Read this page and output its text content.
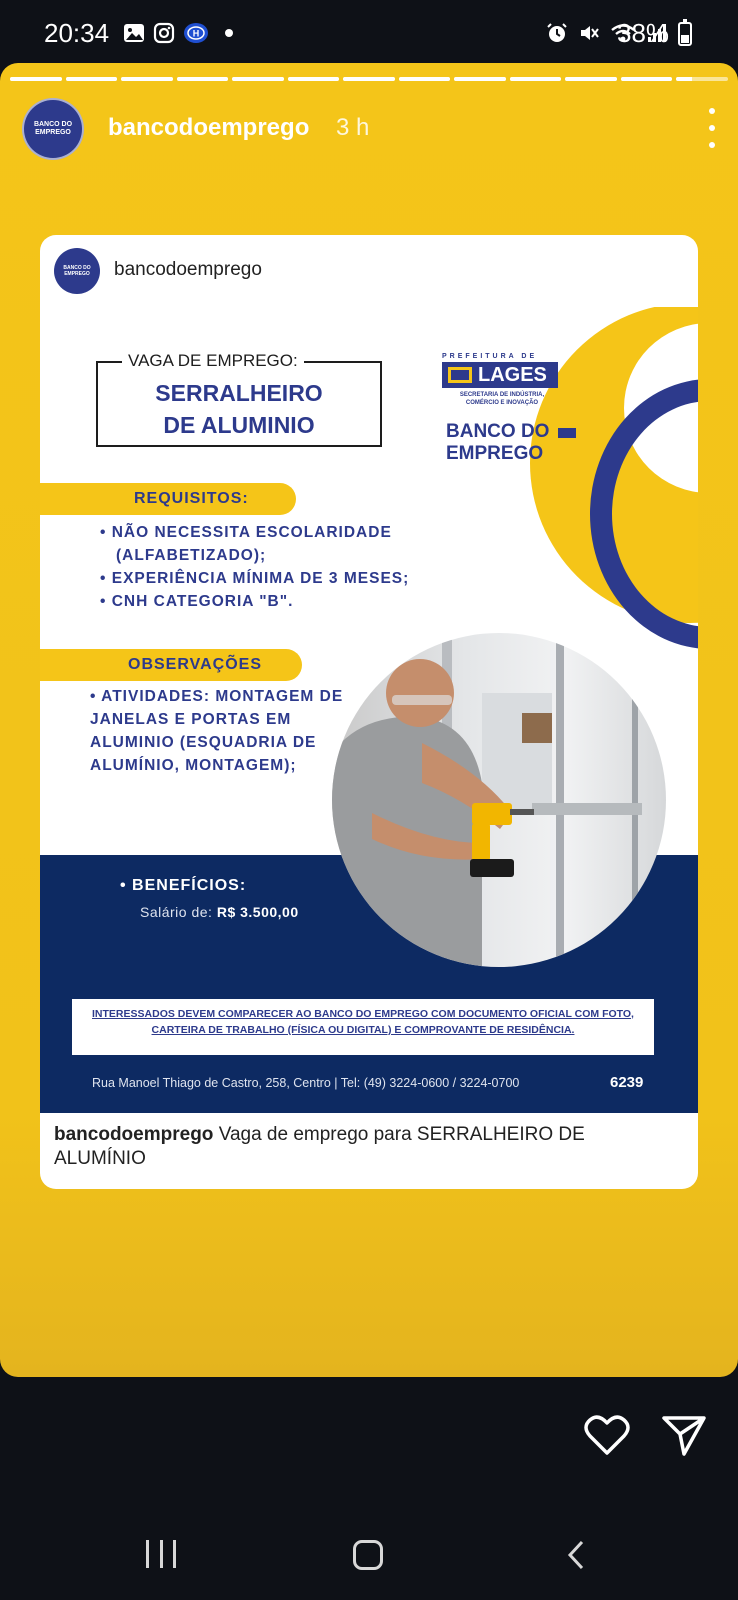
20:34	H	38%
BANCO DO
EMPREGO bancodoemprego 3 h
BANCO DO
EMPREGO bancodoemprego
VAGA DE EMPREGO:
SERRALHEIRO
DE ALUMINIO
PREFEITURA DE
LAGES
SECRETARIA DE INDÚSTRIA,
COMÉRCIO E INOVAÇÃO
BANCO DO
EMPREGO
REQUISITOS:
• NÃO NECESSITA ESCOLARIDADE (ALFABETIZADO);
• EXPERIÊNCIA MÍNIMA DE 3 MESES;
• CNH CATEGORIA "B".
OBSERVAÇÕES
• ATIVIDADES: MONTAGEM DE JANELAS E PORTAS EM ALUMINIO (ESQUADRIA DE ALUMÍNIO, MONTAGEM);
• BENEFÍCIOS:
Salário de: R$ 3.500,00
INTERESSADOS DEVEM COMPARECER AO BANCO DO EMPREGO COM DOCUMENTO OFICIAL COM FOTO, CARTEIRA DE TRABALHO (FÍSICA OU DIGITAL) E COMPROVANTE DE RESIDÊNCIA.
Rua Manoel Thiago de Castro, 258, Centro | Tel: (49) 3224-0600 / 3224-0700	6239
bancodoemprego Vaga de emprego para SERRALHEIRO DE ALUMÍNIO
